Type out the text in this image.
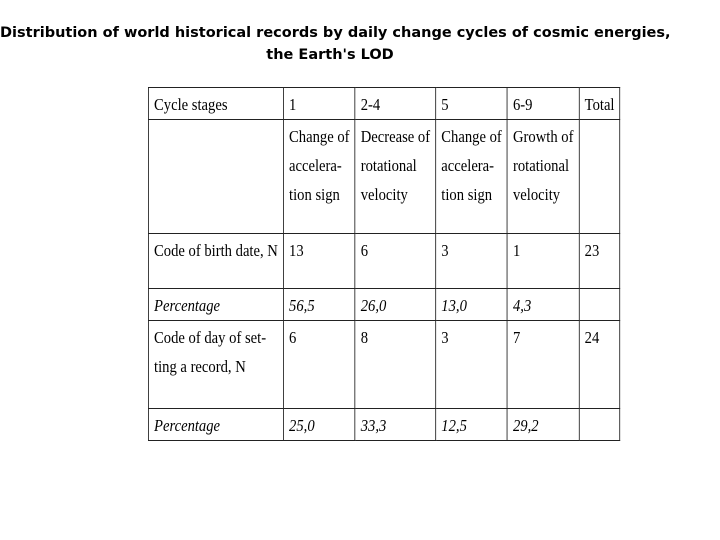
Distribution of world historical records by daily change cycles of cosmic energies,
the Earth's LOD
Cycle stages	1	2-4	5	6-9	Total

	Change of
accelera-
tion sign	Decrease of
rotational
velocity	Change of
accelera-
tion sign	Growth of
rotational
velocity	

Code of birth date, N	13	6	3	1	23
Percentage	56,5	26,0	13,0	4,3	

Code of day of set-
ting a record, N	6	8	3	7	24
Percentage	25,0	33,3	12,5	29,2	
